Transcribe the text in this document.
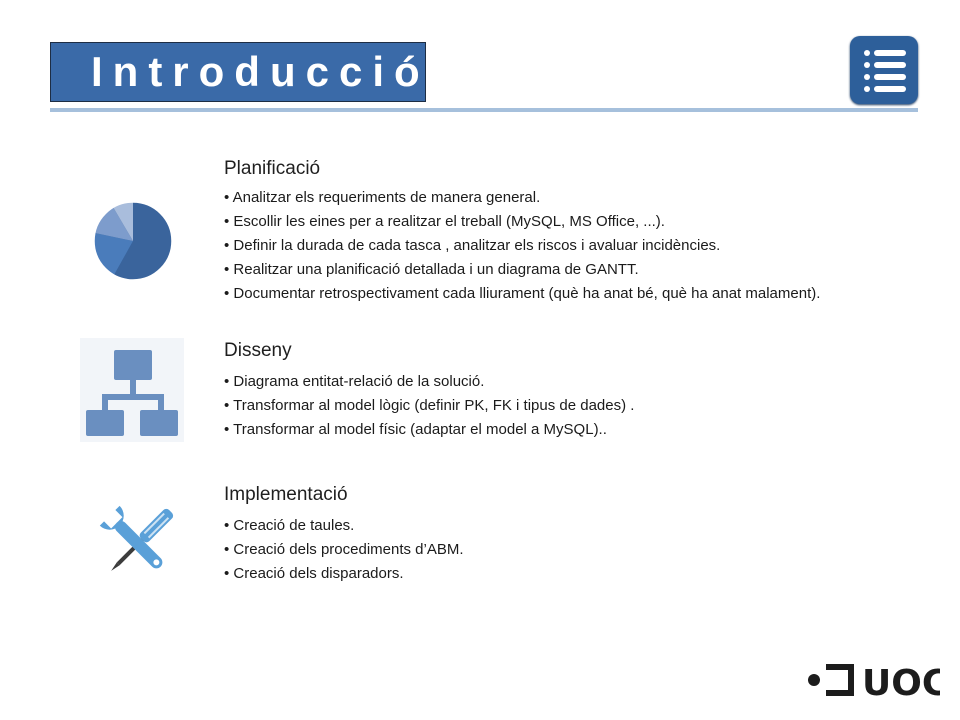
Introducció
Planificació
• Analitzar els requeriments de manera general.
• Escollir les eines per a realitzar el treball (MySQL, MS Office, ...).
• Definir la durada de cada tasca , analitzar els riscos i avaluar incidències.
• Realitzar una planificació detallada i un diagrama de GANTT.
• Documentar retrospectivament cada lliurament (què ha anat bé, què ha anat malament).
Disseny
• Diagrama entitat-relació de la solució.
• Transformar al model lògic (definir PK, FK i tipus de dades) .
• Transformar al model físic (adaptar el model a MySQL)..
Implementació
• Creació de taules.
• Creació dels procediments d’ABM.
• Creació dels disparadors.
UOC
